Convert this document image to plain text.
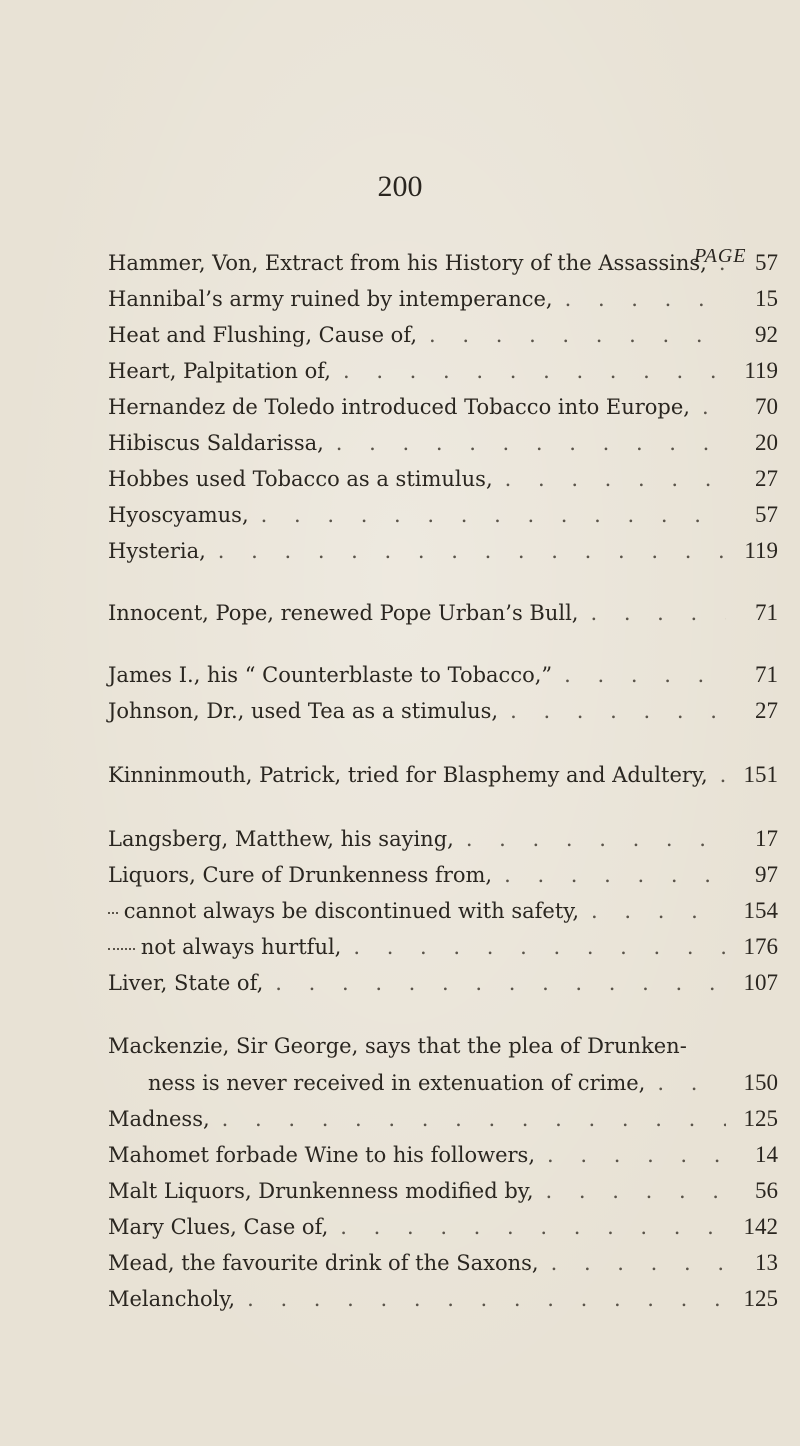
200
PAGE
Hammer, Von, Extract from his History of the Assassins, . . .	57
Hannibal’s army ruined by intemperance, . . .	15
Heat and Flushing, Cause of, . . .	92
Heart, Palpitation of, . . .	119
Hernandez de Toledo introduced Tobacco into Europe, . . .	70
Hibiscus Saldarissa, . . .	20
Hobbes used Tobacco as a stimulus, . . .	27
Hyoscyamus, . . .	57
Hysteria, . . .	119
Innocent, Pope, renewed Pope Urban’s Bull, . . .	71
James I., his “ Counterblaste to Tobacco,” . . .	71
Johnson, Dr., used Tea as a stimulus, . . .	27
Kinninmouth, Patrick, tried for Blasphemy and Adultery, . . .	151
Langsberg, Matthew, his saying, . . .	17
Liquors, Cure of Drunkenness from, . . .	97
cannot always be discontinued with safety, . . .	154
not always hurtful, . . .	176
Liver, State of, . . .	107
Mackenzie, Sir George, says that the plea of Drunken-
ness is never received in extenuation of crime, . . .	150
Madness, . . .	125
Mahomet forbade Wine to his followers, . . .	14
Malt Liquors, Drunkenness modified by, . . .	56
Mary Clues, Case of, . . .	142
Mead, the favourite drink of the Saxons, . . .	13
Melancholy, . . .	125
